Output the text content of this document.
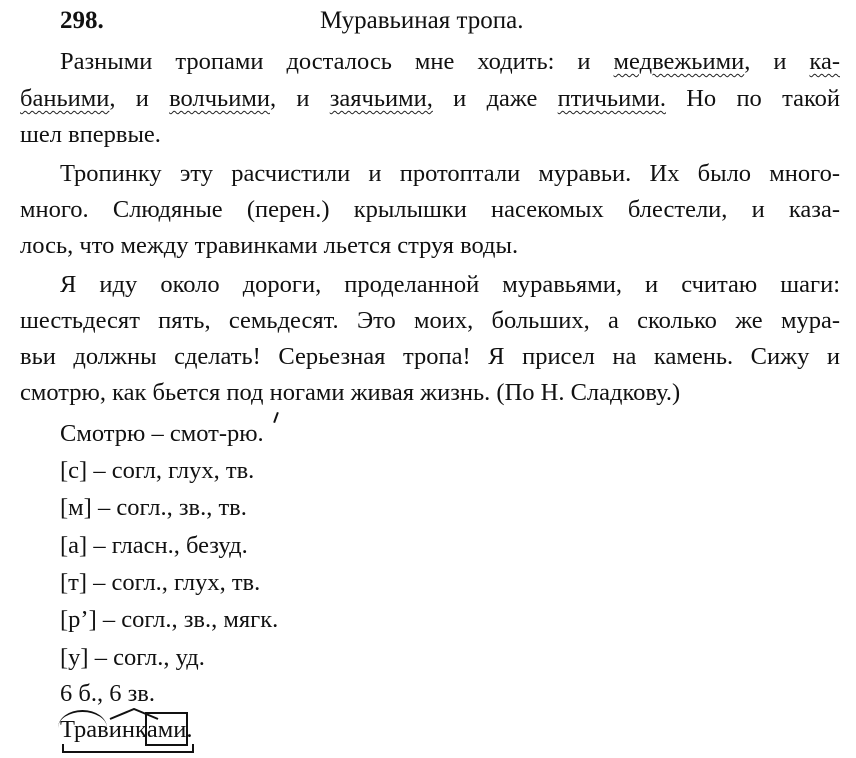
298.	Муравьиная тропа.
Разными тропами досталось мне ходить: и медвежьими, и ка-
баньими, и волчьими, и заячьими, и даже птичьими. Но по такой
шел впервые.
Тропинку эту расчистили и протоптали муравьи. Их было много-
много. Слюдяные (перен.) крылышки насекомых блестели, и каза-
лось, что между травинками льется струя воды.
Я иду около дороги, проделанной муравьями, и считаю шаги:
шестьдесят пять, семьдесят. Это моих, больших, а сколько же мура-
вьи должны сделать! Серьезная тропа! Я присел на камень. Сижу и
смотрю, как бьется под ногами живая жизнь. (По Н. Сладкову.)
Смотрю – смот-рю.
[с] – согл, глух, тв.
[м] – согл., зв., тв.
[а] – гласн., безуд.
[т] – согл., глух, тв.
[р’] – согл., зв., мягк.
[у] – согл., уд.
6 б., 6 зв.
Трав
инк
ами.
